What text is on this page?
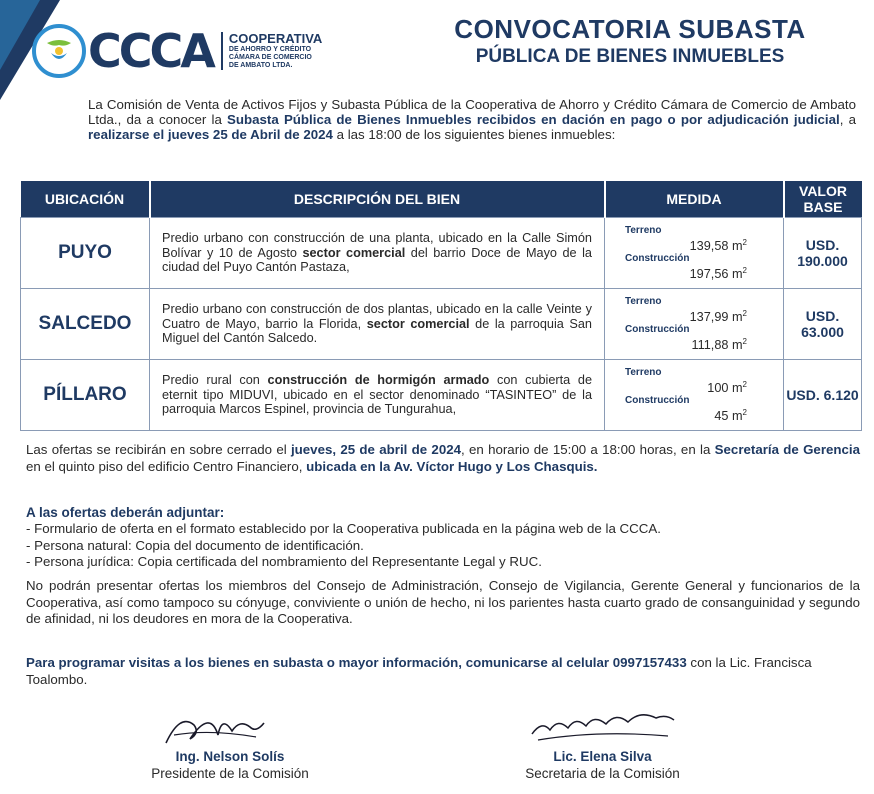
CCCA COOPERATIVA
DE AHORRO Y CRÉDITO
CÁMARA DE COMERCIO
DE AMBATO LTDA.
CONVOCATORIA SUBASTA
PÚBLICA DE BIENES INMUEBLES
La Comisión de Venta de Activos Fijos y Subasta Pública de la Cooperativa de Ahorro y Crédito Cámara de Comercio de Ambato Ltda., da a conocer la Subasta Pública de Bienes Inmuebles recibidos en dación en pago o por adjudicación judicial, a realizarse el jueves 25 de Abril de 2024 a las 18:00 de los siguientes bienes inmuebles:
UBICACIÓN	DESCRIPCIÓN DEL BIEN	MEDIDA	VALOR BASE
PUYO	Predio urbano con construcción de una planta, ubicado en la Calle Simón Bolívar y 10 de Agosto sector comercial del barrio Doce de Mayo de la ciudad del Puyo Cantón Pastaza,	Terreno
139,58 $m^2$
Construcción
197,56 $m^2$	USD. 190.000
SALCEDO	Predio urbano con construcción de dos plantas, ubicado en la calle Veinte y Cuatro de Mayo, barrio la Florida, sector comercial de la parroquia San Miguel del Cantón Salcedo.	Terreno
137,99 $m^2$
Construcción
111,88 $m^2$	USD. 63.000
PÍLLARO	Predio rural con construcción de hormigón armado con cubierta de eternit tipo MIDUVI, ubicado en el sector denominado “TASINTEO” de la parroquia Marcos Espinel, provincia de Tungurahua,	Terreno
100 $m^2$
Construcción
45 $m^2$	USD. 6.120
Las ofertas se recibirán en sobre cerrado el jueves, 25 de abril de 2024, en horario de 15:00 a 18:00 horas, en la Secretaría de Gerencia en el quinto piso del edificio Centro Financiero, ubicada en la Av. Víctor Hugo y Los Chasquis.
A las ofertas deberán adjuntar:
- Formulario de oferta en el formato establecido por la Cooperativa publicada en la página web de la CCCA.
- Persona natural: Copia del documento de identificación.
- Persona jurídica: Copia certificada del nombramiento del Representante Legal y RUC.
No podrán presentar ofertas los miembros del Consejo de Administración, Consejo de Vigilancia, Gerente General y funcionarios de la Cooperativa, así como tampoco su cónyuge, conviviente o unión de hecho, ni los parientes hasta cuarto grado de consanguinidad y segundo de afinidad, ni los deudores en mora de la Cooperativa.
Para programar visitas a los bienes en subasta o mayor información, comunicarse al celular 0997157433 con la Lic. Francisca Toalombo.
Ing. Nelson Solís
Presidente de la Comisión
Lic. Elena Silva
Secretaria de la Comisión
